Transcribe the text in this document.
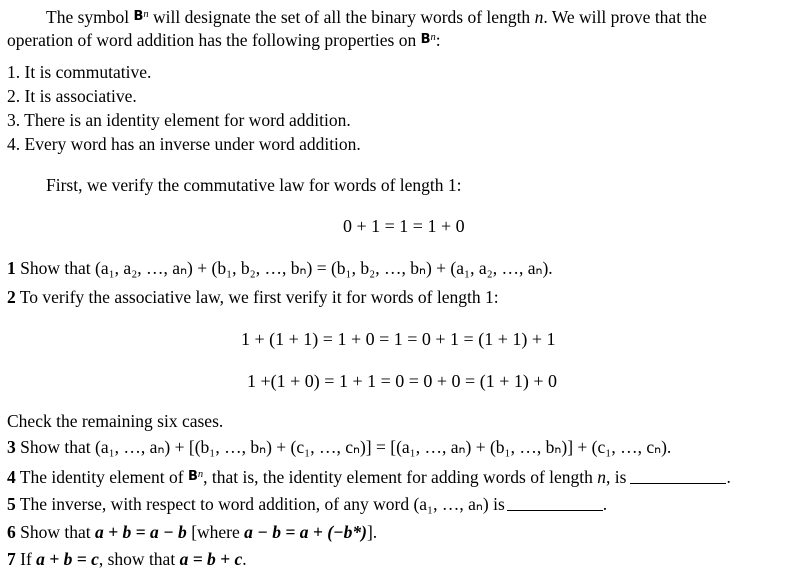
The symbol $B^n$ will designate the set of all the binary words of length n. We will prove that the
operation of word addition has the following properties on $B^n$:
1. It is commutative.
2. It is associative.
3. There is an identity element for word addition.
4. Every word has an inverse under word addition.
First, we verify the commutative law for words of length 1:
0 + 1 = 1 = 1 + 0
1 Show that (a₁, a₂, …, aₙ) + (b₁, b₂, …, bₙ) = (b₁, b₂, …, bₙ) + (a₁, a₂, …, aₙ).
2 To verify the associative law, we first verify it for words of length 1:
1 + (1 + 1) = 1 + 0 = 1 = 0 + 1 = (1 + 1) + 1
1 +(1 + 0) = 1 + 1 = 0 = 0 + 0 = (1 + 1) + 0
Check the remaining six cases.
3 Show that (a₁, …, aₙ) + [(b₁, …, bₙ) + (c₁, …, cₙ)] = [(a₁, …, aₙ) + (b₁, …, bₙ)] + (c₁, …, cₙ).
4 The identity element of $B^n$, that is, the identity element for adding words of length n, is	.
5 The inverse, with respect to word addition, of any word (a₁, …, aₙ) is	.
6 Show that a + b = a − b [where a − b = a + (−b*)].
7 If a + b = c, show that a = b + c.
